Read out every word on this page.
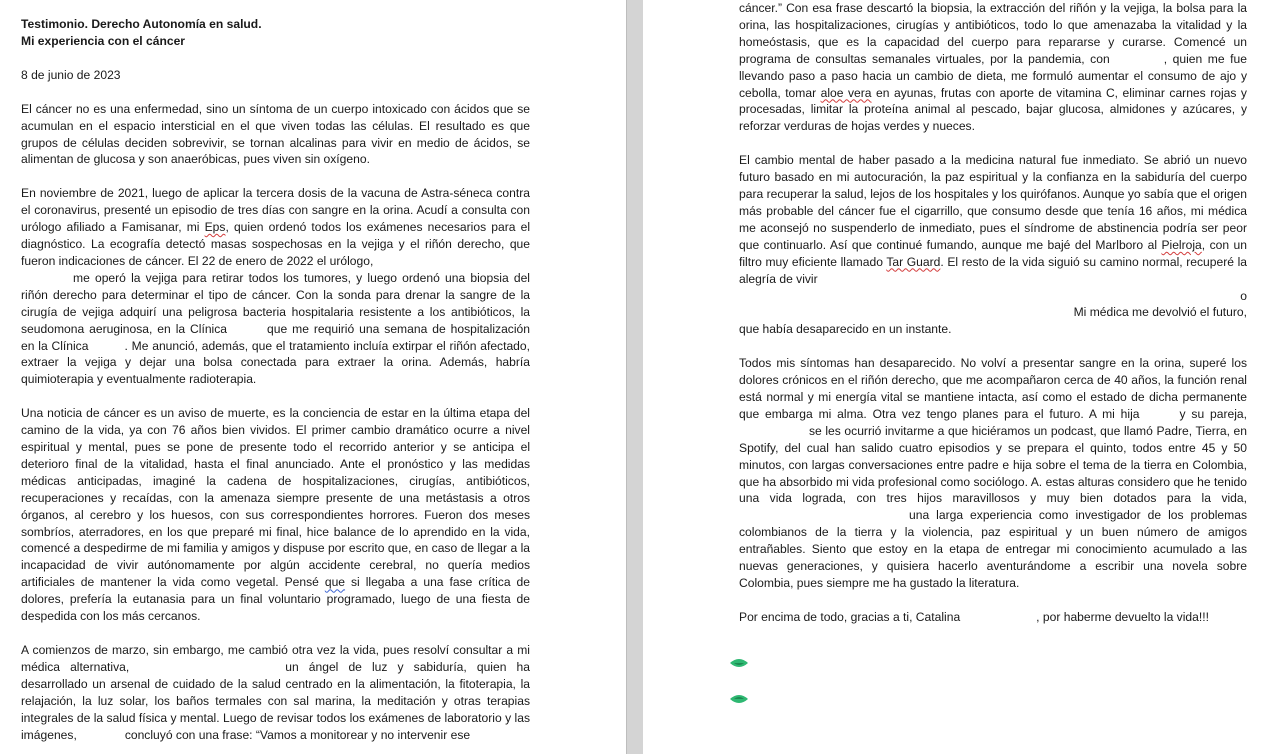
Testimonio. Derecho Autonomía en salud.
Mi experiencia con el cáncer

8 de junio de 2023

El cáncer no es una enfermedad, sino un síntoma de un cuerpo intoxicado con ácidos que se acumulan en el espacio intersticial en el que viven todas las células. El resultado es que grupos de células deciden sobrevivir, se tornan alcalinas para vivir en medio de ácidos, se alimentan de glucosa y son anaeróbicas, pues viven sin oxígeno.

En noviembre de 2021, luego de aplicar la tercera dosis de la vacuna de Astra-séneca contra el coronavirus, presenté un episodio de tres días con sangre en la orina. Acudí a consulta con urólogo afiliado a Famisanar, mi Eps, quien ordenó todos los exámenes necesarios para el diagnóstico. La ecografía detectó masas sospechosas en la vejiga y el riñón derecho, que fueron indicaciones de cáncer. El 22 de enero de 2022 el urólogo,
me operó la vejiga para retirar todos los tumores, y luego ordenó una biopsia del riñón derecho para determinar el tipo de cáncer. Con la sonda para drenar la sangre de la cirugía de vejiga adquirí una peligrosa bacteria hospitalaria resistente a los antibióticos, la seudomona aeruginosa, en la Clínica	que me requirió una semana de hospitalización en la Clínica	. Me anunció, además, que el tratamiento incluía extirpar el riñón afectado, extraer la vejiga y dejar una bolsa conectada para extraer la orina. Además, habría quimioterapia y eventualmente radioterapia.

Una noticia de cáncer es un aviso de muerte, es la conciencia de estar en la última etapa del camino de la vida, ya con 76 años bien vividos. El primer cambio dramático ocurre a nivel espiritual y mental, pues se pone de presente todo el recorrido anterior y se anticipa el deterioro final de la vitalidad, hasta el final anunciado. Ante el pronóstico y las medidas médicas anticipadas, imaginé la cadena de hospitalizaciones, cirugías, antibióticos, recuperaciones y recaídas, con la amenaza siempre presente de una metástasis a otros órganos, al cerebro y los huesos, con sus correspondientes horrores. Fueron dos meses sombríos, aterradores, en los que preparé mi final, hice balance de lo aprendido en la vida, comencé a despedirme de mi familia y amigos y dispuse por escrito que, en caso de llegar a la incapacidad de vivir autónomamente por algún accidente cerebral, no quería medios artificiales de mantener la vida como vegetal. Pensé que si llegaba a una fase crítica de dolores, prefería la eutanasia para un final voluntario programado, luego de una fiesta de despedida con los más cercanos.

A comienzos de marzo, sin embargo, me cambió otra vez la vida, pues resolví consultar a mi médica alternativa,	un ángel de luz y sabiduría, quien ha desarrollado un arsenal de cuidado de la salud centrado en la alimentación, la fitoterapia, la relajación, la luz solar, los baños termales con sal marina, la meditación y otras terapias integrales de la salud física y mental. Luego de revisar todos los exámenes de laboratorio y las imágenes,	concluyó con una frase: “Vamos a monitorear y no intervenir ese

cáncer.” Con esa frase descartó la biopsia, la extracción del riñón y la vejiga, la bolsa para la orina, las hospitalizaciones, cirugías y antibióticos, todo lo que amenazaba la vitalidad y la homeóstasis, que es la capacidad del cuerpo para repararse y curarse. Comencé un programa de consultas semanales virtuales, por la pandemia, con	, quien me fue llevando paso a paso hacia un cambio de dieta, me formuló aumentar el consumo de ajo y cebolla, tomar aloe vera en ayunas, frutas con aporte de vitamina C, eliminar carnes rojas y procesadas, limitar la proteína animal al pescado, bajar glucosa, almidones y azúcares, y reforzar verduras de hojas verdes y nueces.

El cambio mental de haber pasado a la medicina natural fue inmediato. Se abrió un nuevo futuro basado en mi autocuración, la paz espiritual y la confianza en la sabiduría del cuerpo para recuperar la salud, lejos de los hospitales y los quirófanos. Aunque yo sabía que el origen más probable del cáncer fue el cigarrillo, que consumo desde que tenía 16 años, mi médica me aconsejó no suspenderlo de inmediato, pues el síndrome de abstinencia podría ser peor que continuarlo. Así que continué fumando, aunque me bajé del Marlboro al Pielroja, con un filtro muy eficiente llamado Tar Guard. El resto de la vida siguió su camino normal, recuperé la alegría de vivir

o

Mi médica me devolvió el futuro,

que había desaparecido en un instante.

Todos mis síntomas han desaparecido. No volví a presentar sangre en la orina, superé los dolores crónicos en el riñón derecho, que me acompañaron cerca de 40 años, la función renal está normal y mi energía vital se mantiene intacta, así como el estado de dicha permanente que embarga mi alma. Otra vez tengo planes para el futuro. A mi hija	y su pareja,se les ocurrió invitarme a que hiciéramos un podcast, que llamó Padre, Tierra, en Spotify, del cual han salido cuatro episodios y se prepara el quinto, todos entre 45 y 50 minutos, con largas conversaciones entre padre e hija sobre el tema de la tierra en Colombia, que ha absorbido mi vida profesional como sociólogo. A. estas alturas considero que he tenido una vida lograda, con tres hijos maravillosos y muy bien dotados para la vida,una larga experiencia como investigador de los problemas colombianos de la tierra y la violencia, paz espiritual y un buen número de amigos entrañables. Siento que estoy en la etapa de entregar mi conocimiento acumulado a las nuevas generaciones, y quisiera hacerlo aventurándome a escribir una novela sobre Colombia, pues siempre me ha gustado la literatura.

Por encima de todo, gracias a ti, Catalina	, por haberme devuelto la vida!!!
